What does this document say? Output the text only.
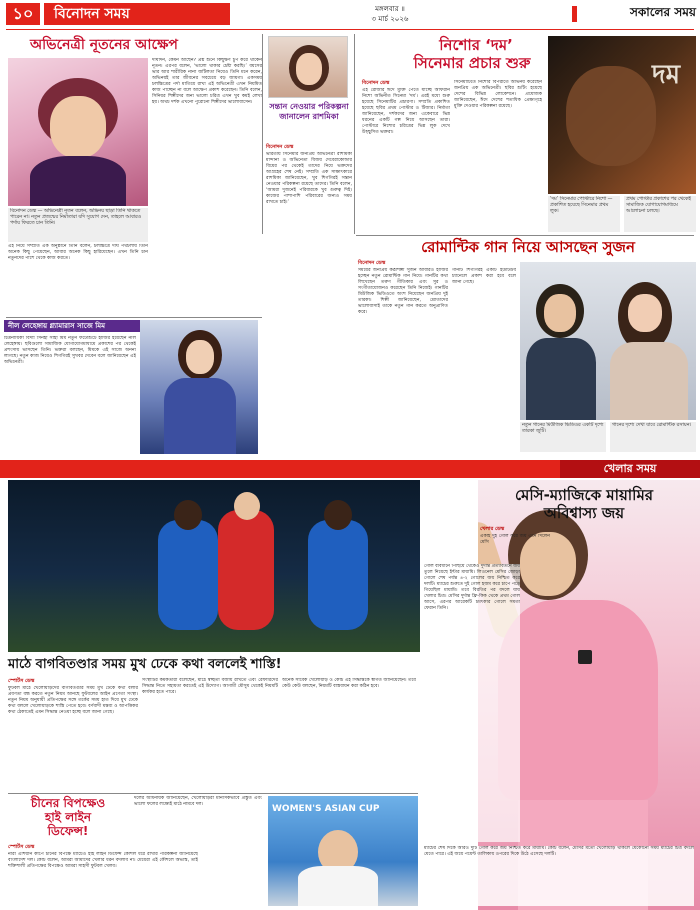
১০	বিনোদন সময়	মঙ্গলবার ॥
৩ মার্চ ২০২৬	সকালের সময়
অভিনেত্রী নূতনের আক্ষেপ
দীর্ঘদিন, কেমন আছেন? প্রশ্ন শুনে কিছুক্ষণ চুপ করে থাকেন নূতন। এরপর বলেন, ‘ভালো থাকার চেষ্টা করছি।’ বয়সের ভার আর শারীরিক নানা জটিলতা নিয়েও তিনি মনে করেন, অভিনয়ই তার জীবনের সবচেয়ে বড় জায়গা। একসময় চলচ্চিত্রের পর্দা মাতিয়ে রাখা এই অভিনেত্রী এখন নিয়মিত কাজ পাচ্ছেন না বলে আক্ষেপ প্রকাশ করেছেন। তিনি বলেন, সিনিয়র শিল্পীদের জন্য ভালো চরিত্র এখন খুব কমই লেখা হয়। অথচ দর্শক এখনো পুরোনো শিল্পীদের ভালোবাসেন।
বিনোদন ডেস্ক — অভিনেত্রী নূতন বলেন, অভিনয় ছাড়া তিনি থাকতে পারেন না। নতুন প্রজন্মের নির্মাতারা যদি সুযোগ দেন, তাহলে আবারও পর্দায় ফিরতে চান তিনি।
এই নিয়ে সম্প্রতি এক অনুষ্ঠানে তিনি বলেন, চলচ্চিত্রে দীর্ঘ পথচলায় তিনি অনেক কিছু পেয়েছেন, আবার অনেক কিছু হারিয়েছেন। এখন তিনি চান নতুনদের পাশে থেকে কাজ করতে।
সন্তান নেওয়ার পরিকল্পনা জানালেন রাশমিকা
বিনোদন ডেস্ক
ভারতীয় সিনেমার জনপ্রিয় অভিনেত্রী রাশমিকা মান্দানা ও অভিনেতা বিজয় দেবেরাকোন্ডার বিয়ের পর থেকেই তাদের নিয়ে ভক্তদের আগ্রহের শেষ নেই। সম্প্রতি এক সাক্ষাৎকারে রাশমিকা জানিয়েছেন, খুব শিগগিরই সন্তান নেওয়ার পরিকল্পনা রয়েছে তাদের। তিনি বলেন, ‘আমরা দুজনেই পরিবারকে খুব গুরুত্ব দিই। কাজের পাশাপাশি পরিবারের জন্যও সময় রাখতে চাই।’
নিশোর ‘দম’
সিনেমার প্রচার শুরু
বিনোদন ডেস্ক
এই রোজার ঈদে মুক্তি পেতে যাচ্ছে আফরান নিশো অভিনীত সিনেমা ‘দম’। এরই মধ্যে শুরু হয়েছে সিনেমাটির প্রচারণা। সম্প্রতি প্রকাশিত হয়েছে ছবির প্রথম পোস্টার ও টিজার। নির্মাতা জানিয়েছেন, দর্শকদের জন্য একেবারে ভিন্ন ধরনের একটি গল্প নিয়ে আসছেন তারা। পোস্টারে নিশোর চরিত্রের ভিন্ন লুক দেখে উচ্ছ্বসিত ভক্তরা।
সিনেমাটিতে নিশোর বিপরীতে অভিনয় করেছেন জনপ্রিয় এক অভিনেত্রী। ছবির শুটিং হয়েছে দেশের বিভিন্ন লোকেশনে। প্রযোজক জানিয়েছেন, ঈদে দেশের শতাধিক প্রেক্ষাগৃহে মুক্তি দেওয়ার পরিকল্পনা রয়েছে।
দম
‘দম’ সিনেমার পোস্টারে নিশো — প্রকাশিত হয়েছে সিনেমার প্রথম লুক।
প্রথম পোস্টার প্রকাশের পর থেকেই সামাজিক যোগাযোগমাধ্যমে আলোচনা চলছে।
নীল লেহেঙ্গায় গ্ল্যামারাস সাজে মিম
চিত্রনায়িকা বিদ্যা সিনহা সাহা মিম নতুন ফটোশুটে হাজির হয়েছেন নীল লেহেঙ্গায়। ছবিগুলো সামাজিক যোগাযোগমাধ্যমে প্রকাশের পর থেকেই প্রশংসায় ভাসছেন তিনি। ভক্তরা বলছেন, মিমকে এই সাজে অনন্য লাগছে। নতুন কাজ নিয়েও শিগগিরই সুখবর দেবেন বলে জানিয়েছেন এই অভিনেত্রী।
রোমান্টিক গান নিয়ে আসছেন সুজন
বিনোদন ডেস্ক
সময়ের জনপ্রিয় কণ্ঠশিল্পী সুজন আবারও হাজির হচ্ছেন নতুন রোমান্টিক গান নিয়ে। গানটির কথা লিখেছেন তরুণ গীতিকার এবং সুর ও সংগীতায়োজনও করেছেন তিনি নিজেই। গানটির মিউজিক ভিডিওতে অংশ নিয়েছেন জনপ্রিয় দুই তারকা। শিল্পী জানিয়েছেন, শ্রোতাদের ভালোবাসাই তাকে নতুন গান করতে অনুপ্রাণিত করে।
গানটি শিগগিরই একটি ইউটিউব চ্যানেলে প্রকাশ করা হবে বলে জানা গেছে।
নতুন গানের মিউজিক ভিডিওর একটি দৃশ্যে তারকা জুটি।
গানের দৃশ্যে দেখা যাবে রোমান্টিক রসায়ন।
খেলার সময়
মেসি-ম্যাজিকে মায়ামির
অবিশ্বাস্য জয়
খেলার ডেস্ক
একাই দুই গোল করে জয় এনে দিলেন মেসি
গোল ব্যবধানে পিছিয়ে থেকেও দুর্দান্ত প্রত্যাবর্তনে জয় তুলে নিয়েছে ইন্টার মায়ামি। লিওনেল মেসির জোড়া গোলে শেষ পর্যন্ত ৪-২ গোলের জয় নিশ্চিত করে দলটি। ম্যাচের শুরুতে দুই গোল হজম করে চাপে পড়ে গিয়েছিল মায়ামি। তবে বিরতির পর বদলে যায় খেলার চিত্র। মেসির দুর্দান্ত ফ্রি-কিক থেকে প্রথম গোল আসে, এরপর আরেকটি চমৎকার গোলে সমতা ফেরান তিনি।
ম্যাচের শেষ দিকে আরও দুটি গোল করে জয় নিশ্চিত করে মায়ামি। কোচ বলেন, মেসির মতো খেলোয়াড় থাকলে যেকোনো সময় ম্যাচের চিত্র বদলে যেতে পারে। এই জয়ে পয়েন্ট তালিকায় ওপরের দিকে উঠে এসেছে দলটি।
মাঠে বাগবিতণ্ডার সময় মুখ ঢেকে কথা বললেই শাস্তি!
স্পোর্টস ডেস্ক
ফুটবল মাঠে খেলোয়াড়দের বাগবিতণ্ডার সময় মুখ ঢেকে কথা বলার প্রবণতা বন্ধ করতে নতুন নিয়ম আনছে ফুটবলের আইন প্রণেতা সংস্থা। নতুন নিয়ম অনুযায়ী প্রতিপক্ষের সঙ্গে তর্কের সময় হাত দিয়ে মুখ ঢেকে কথা বললে খেলোয়াড়কে শাস্তি পেতে হবে। বর্ণবাদী মন্তব্য ও আপত্তিকর কথা ঠেকাতেই এমন সিদ্ধান্ত নেওয়া হচ্ছে বলে জানা গেছে।
সংস্থাটির কর্মকর্তারা বলেছেন, মাঠে স্বচ্ছতা বজায় রাখতে এবং রেফারিদের সিদ্ধান্ত নিতে সহায়তা করতেই এই উদ্যোগ। আগামী মৌসুম থেকেই নিয়মটি কার্যকর হতে পারে।
অনেক সাবেক খেলোয়াড় ও কোচ এই সিদ্ধান্তকে স্বাগত জানিয়েছেন। তবে কেউ কেউ বলছেন, নিয়মটি বাস্তবায়ন করা কঠিন হবে।
চীনের বিপক্ষেও
হাই লাইন
ডিফেন্স!
স্পোর্টস ডেস্ক
নারী এশিয়ান কাপে চীনের বিপক্ষে ম্যাচেও হাই লাইন ডিফেন্স কৌশল ধরে রাখার পরিকল্পনা জানিয়েছে বাংলাদেশ দল। কোচ বলেন, আমরা আমাদের খেলার ধরন বদলাব না। মেয়েরা এই কৌশলে অভ্যস্ত, তাই শক্তিশালী প্রতিপক্ষের বিপক্ষেও আমরা সাহসী ফুটবল খেলব।
দলের অধিনায়ক জানিয়েছেন, খেলোয়াড়রা মানসিকভাবে প্রস্তুত এবং ভালো ফলের লক্ষ্যেই মাঠে নামবে দল।	WOMEN'S ASIAN CUP
